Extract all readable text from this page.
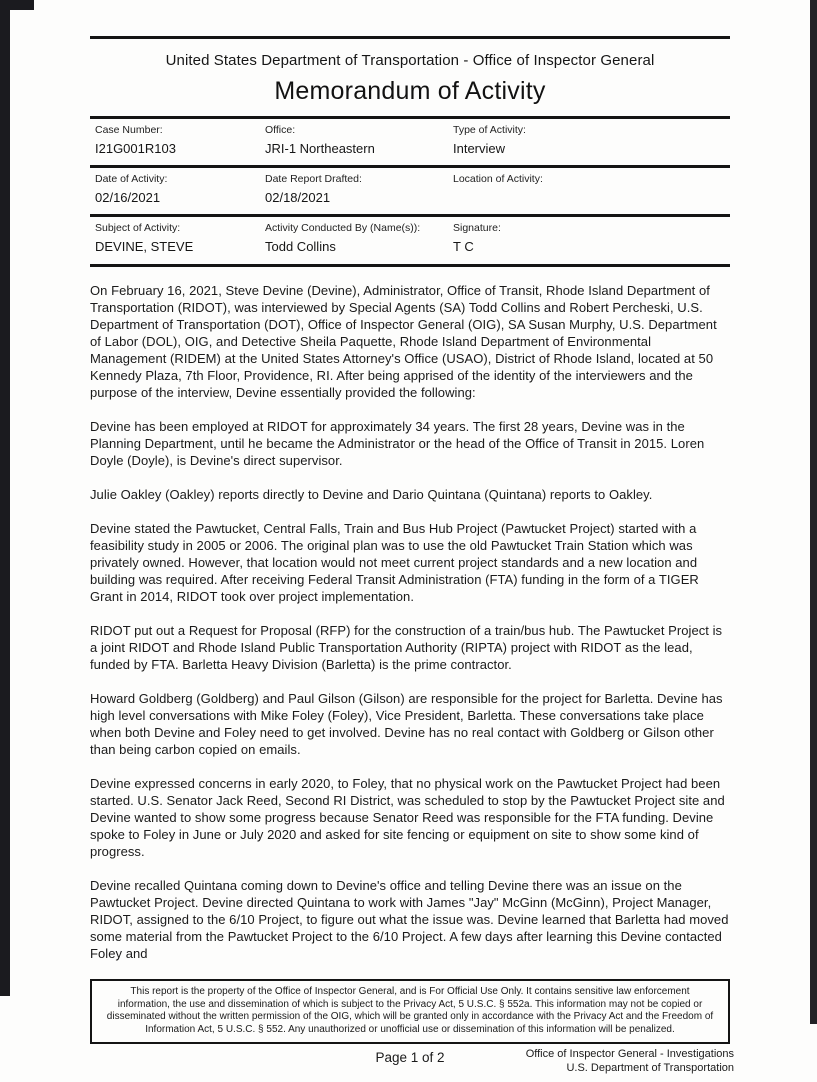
United States Department of Transportation - Office of Inspector General
Memorandum of Activity
Case Number:
I21G001R103
Office:
JRI-1 Northeastern
Type of Activity:
Interview
Date of Activity:
02/16/2021
Date Report Drafted:
02/18/2021
Location of Activity:
Subject of Activity:
DEVINE, STEVE
Activity Conducted By (Name(s)):
Todd Collins
Signature:
T C

On February 16, 2021, Steve Devine (Devine), Administrator, Office of Transit, Rhode Island Department of Transportation (RIDOT), was interviewed by Special Agents (SA) Todd Collins and Robert Percheski, U.S. Department of Transportation (DOT), Office of Inspector General (OIG), SA Susan Murphy, U.S. Department of Labor (DOL), OIG, and Detective Sheila Paquette, Rhode Island Department of Environmental Management (RIDEM) at the United States Attorney's Office (USAO), District of Rhode Island, located at 50 Kennedy Plaza, 7th Floor, Providence, RI. After being apprised of the identity of the interviewers and the purpose of the interview, Devine essentially provided the following:

Devine has been employed at RIDOT for approximately 34 years. The first 28 years, Devine was in the Planning Department, until he became the Administrator or the head of the Office of Transit in 2015. Loren Doyle (Doyle), is Devine's direct supervisor.

Julie Oakley (Oakley) reports directly to Devine and Dario Quintana (Quintana) reports to Oakley.

Devine stated the Pawtucket, Central Falls, Train and Bus Hub Project (Pawtucket Project) started with a feasibility study in 2005 or 2006. The original plan was to use the old Pawtucket Train Station which was privately owned. However, that location would not meet current project standards and a new location and building was required. After receiving Federal Transit Administration (FTA) funding in the form of a TIGER Grant in 2014, RIDOT took over project implementation.

RIDOT put out a Request for Proposal (RFP) for the construction of a train/bus hub. The Pawtucket Project is a joint RIDOT and Rhode Island Public Transportation Authority (RIPTA) project with RIDOT as the lead, funded by FTA. Barletta Heavy Division (Barletta) is the prime contractor.

Howard Goldberg (Goldberg) and Paul Gilson (Gilson) are responsible for the project for Barletta. Devine has high level conversations with Mike Foley (Foley), Vice President, Barletta. These conversations take place when both Devine and Foley need to get involved. Devine has no real contact with Goldberg or Gilson other than being carbon copied on emails.

Devine expressed concerns in early 2020, to Foley, that no physical work on the Pawtucket Project had been started. U.S. Senator Jack Reed, Second RI District, was scheduled to stop by the Pawtucket Project site and Devine wanted to show some progress because Senator Reed was responsible for the FTA funding. Devine spoke to Foley in June or July 2020 and asked for site fencing or equipment on site to show some kind of progress.

Devine recalled Quintana coming down to Devine's office and telling Devine there was an issue on the Pawtucket Project. Devine directed Quintana to work with James "Jay" McGinn (McGinn), Project Manager, RIDOT, assigned to the 6/10 Project, to figure out what the issue was. Devine learned that Barletta had moved some material from the Pawtucket Project to the 6/10 Project. A few days after learning this Devine contacted Foley and

This report is the property of the Office of Inspector General, and is For Official Use Only. It contains sensitive law enforcement information, the use and dissemination of which is subject to the Privacy Act, 5 U.S.C. § 552a. This information may not be copied or disseminated without the written permission of the OIG, which will be granted only in accordance with the Privacy Act and the Freedom of Information Act, 5 U.S.C. § 552. Any unauthorized or unofficial use or dissemination of this information will be penalized.
Page 1 of 2	Office of Inspector General - Investigations
U.S. Department of Transportation
